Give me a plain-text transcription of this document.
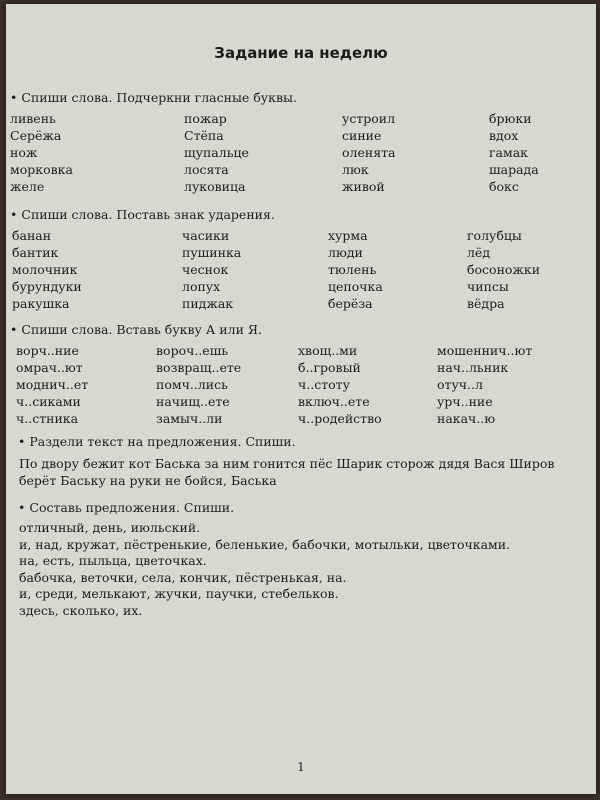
Задание на неделю
• Спиши слова. Подчеркни гласные буквы.
ливень
Серёжа
нож
морковка
желе
пожар
Стёпа
щупальце
лосята
луковица
устроил
синие
оленята
люк
живой
брюки
вдох
гамак
шарада
бокс
• Спиши слова. Поставь знак ударения.
банан
бантик
молочник
бурундуки
ракушка
часики
пушинка
чеснок
лопух
пиджак
хурма
люди
тюлень
цепочка
берёза
голубцы
лёд
босоножки
чипсы
вёдра
• Спиши слова. Вставь букву А или Я.
ворч..ние
омрач..ют
моднич..ет
ч..сиками
ч..стника
вороч..ешь
возвращ..ете
помч..лись
начищ..ете
замыч..ли
хвощ..ми
б..гровый
ч..стоту
включ..ете
ч..родейство
мошеннич..ют
нач..льник
отуч..л
урч..ние
накач..ю
• Раздели текст на предложения. Спиши.
По двору бежит кот Баська за ним гонится пёс Шарик сторож дядя Вася Широв
берёт Баську на руки не бойся, Баська
• Составь предложения. Спиши.
отличный, день, июльский.
и, над, кружат, пёстренькие, беленькие, бабочки, мотыльки, цветочками.
на, есть, пыльца, цветочках.
бабочка, веточки, села, кончик, пёстренькая, на.
и, среди, мелькают, жучки, паучки, стебельков.
здесь, сколько, их.
1
